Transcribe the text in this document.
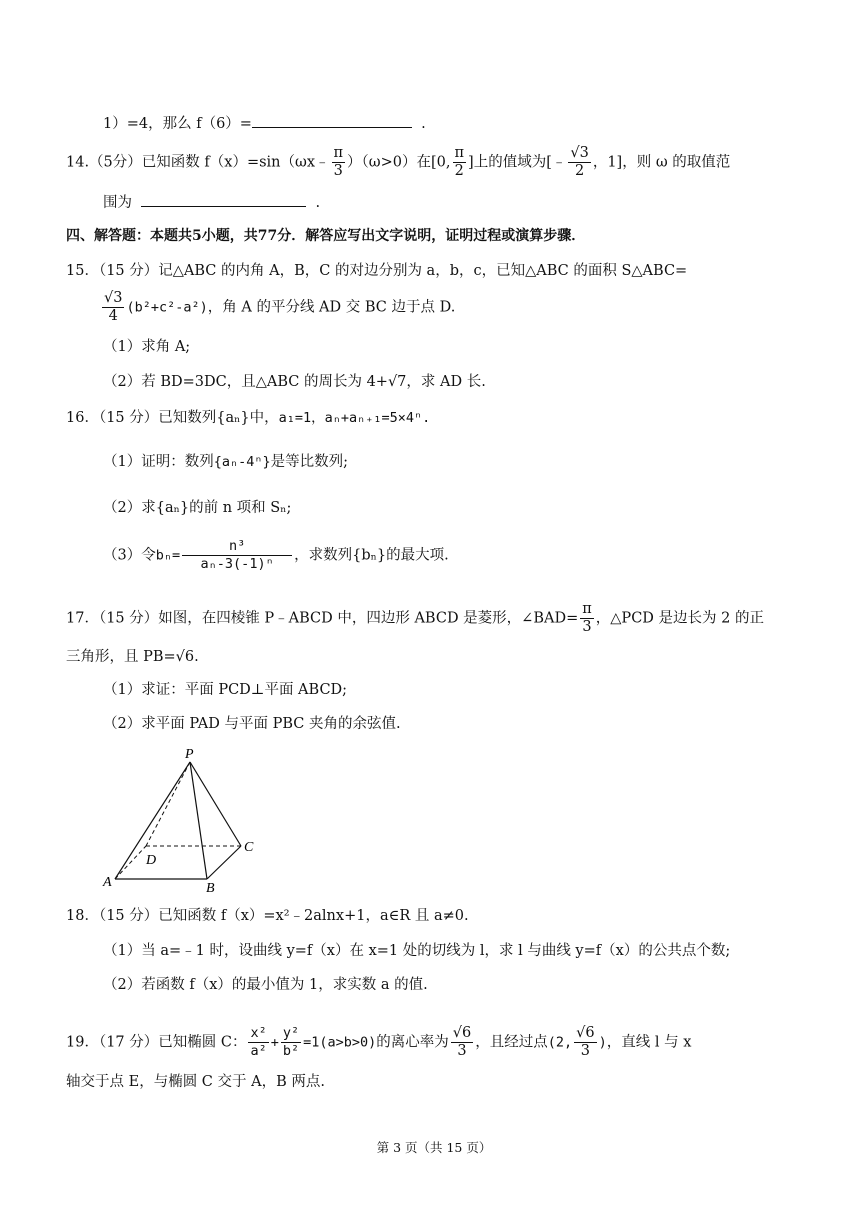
1）=4，那么 f（6）=	.
14.（5分）已知函数 f（x）=sin（ωx﹣ $\frac{\pi}{3} )(\omega>0)$在[0, $\frac{\pi}{2}$ ]上的值域为[﹣ $\frac{√3}{2}$ ，1]，则 ω 的取值范
围为	.
四、解答题：本题共5小题，共77分．解答应写出文字说明，证明过程或演算步骤．
15．（15 分）记△ABC 的内角 A，B，C 的对边分别为 a，b，c，已知△ABC 的面积 S△ABC=
$\frac{√3}{4} (b^2+c^2-a^2)$，角 A 的平分线 AD 交 BC 边于点 D.
（1）求角 A;
（2）若 BD=3DC，且△ABC 的周长为 4+√7，求 AD 长.
16．（15 分）已知数列{aₙ}中，a₁=1，aₙ+aₙ₊₁=5×4ⁿ.
（1）证明：数列{aₙ-4ⁿ}是等比数列;
（2）求{aₙ}的前 n 项和 Sₙ;
（3）令$b_n= \frac{\text{n³}}{\text{aₙ-3(-1)ⁿ}}$ ，求数列{bₙ}的最大项.
17．（15 分）如图，在四棱锥 P﹣ABCD 中，四边形 ABCD 是菱形，∠BAD= $\frac{\pi}{3}$ ，△PCD 是边长为 2 的正
三角形，且 PB=√6.
（1）求证：平面 PCD⊥平面 ABCD;
（2）求平面 PAD 与平面 PBC 夹角的余弦值.
P
A	B
C
D
18．（15 分）已知函数 f（x）=x²﹣2alnx+1，a∈R 且 a≠0.
（1）当 a=﹣1 时，设曲线 y=f（x）在 x=1 处的切线为 l，求 l 与曲线 y=f（x）的公共点个数;
（2）若函数 f（x）的最小值为 1，求实数 a 的值.
19．（17 分）已知椭圆 C： $\frac{\text{x²}}{\text{a²}} + \frac{\text{y²}}{\text{b²}} =1(a>b>0)$的离心率为 $\frac{√6}{3}$ ，且经过点(2, $\frac{√6}{3}$ )，直线 l 与 x
轴交于点 E，与椭圆 C 交于 A，B 两点.
第 3 页（共 15 页）
